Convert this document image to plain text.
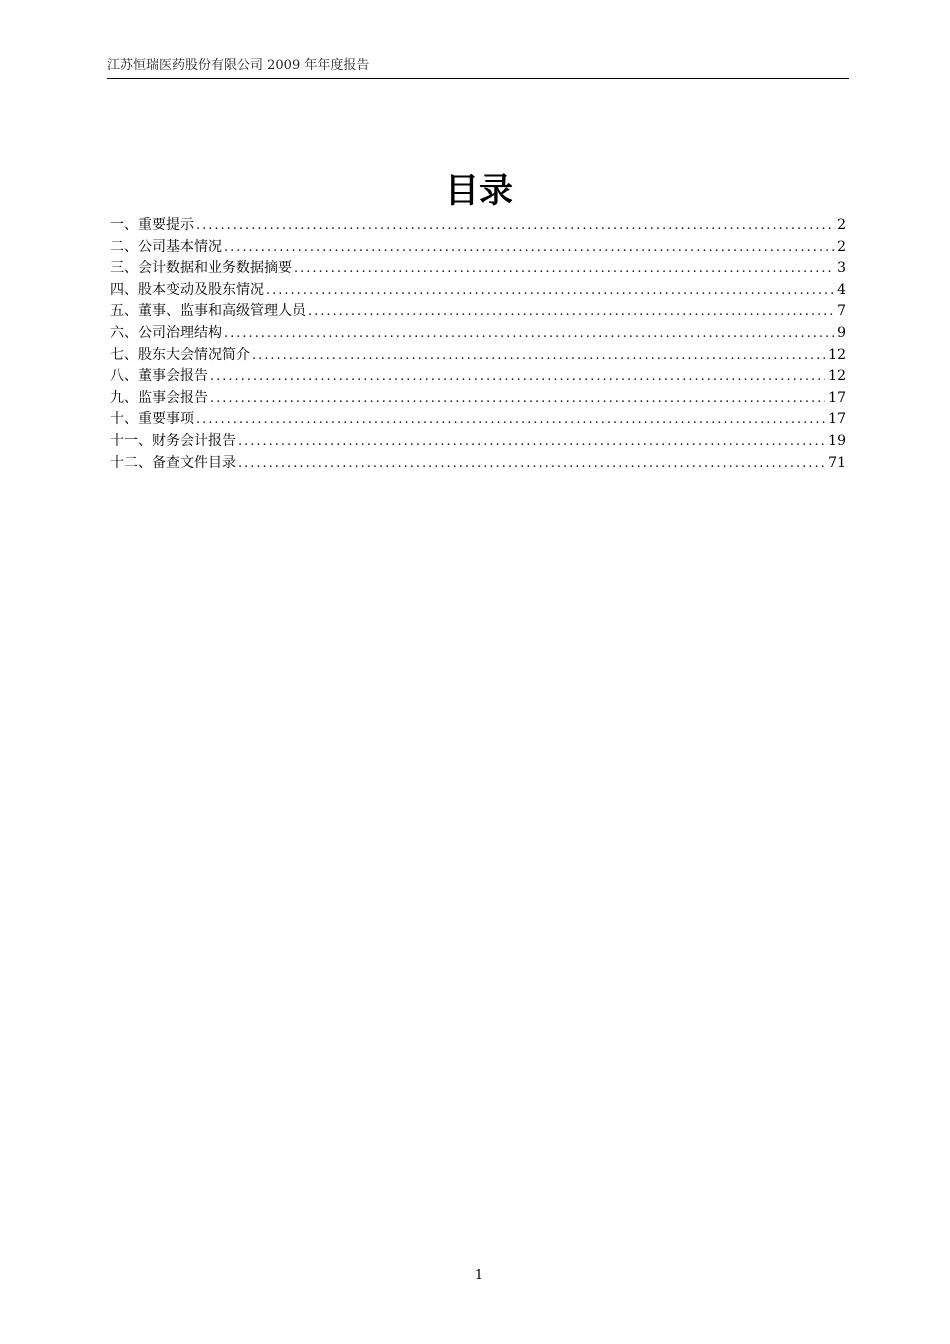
江苏恒瑞医药股份有限公司 2009 年年度报告
目录
一、重要提示 .....	2
二、公司基本情况 .....	2
三、会计数据和业务数据摘要 .....	3
四、股本变动及股东情况 .....	4
五、董事、监事和高级管理人员 .....	7
六、公司治理结构 .....	9
七、股东大会情况简介 .....	12
八、董事会报告 .....	12
九、监事会报告 .....	17
十、重要事项 .....	17
十一、财务会计报告 .....	19
十二、备查文件目录 .....	71
1
